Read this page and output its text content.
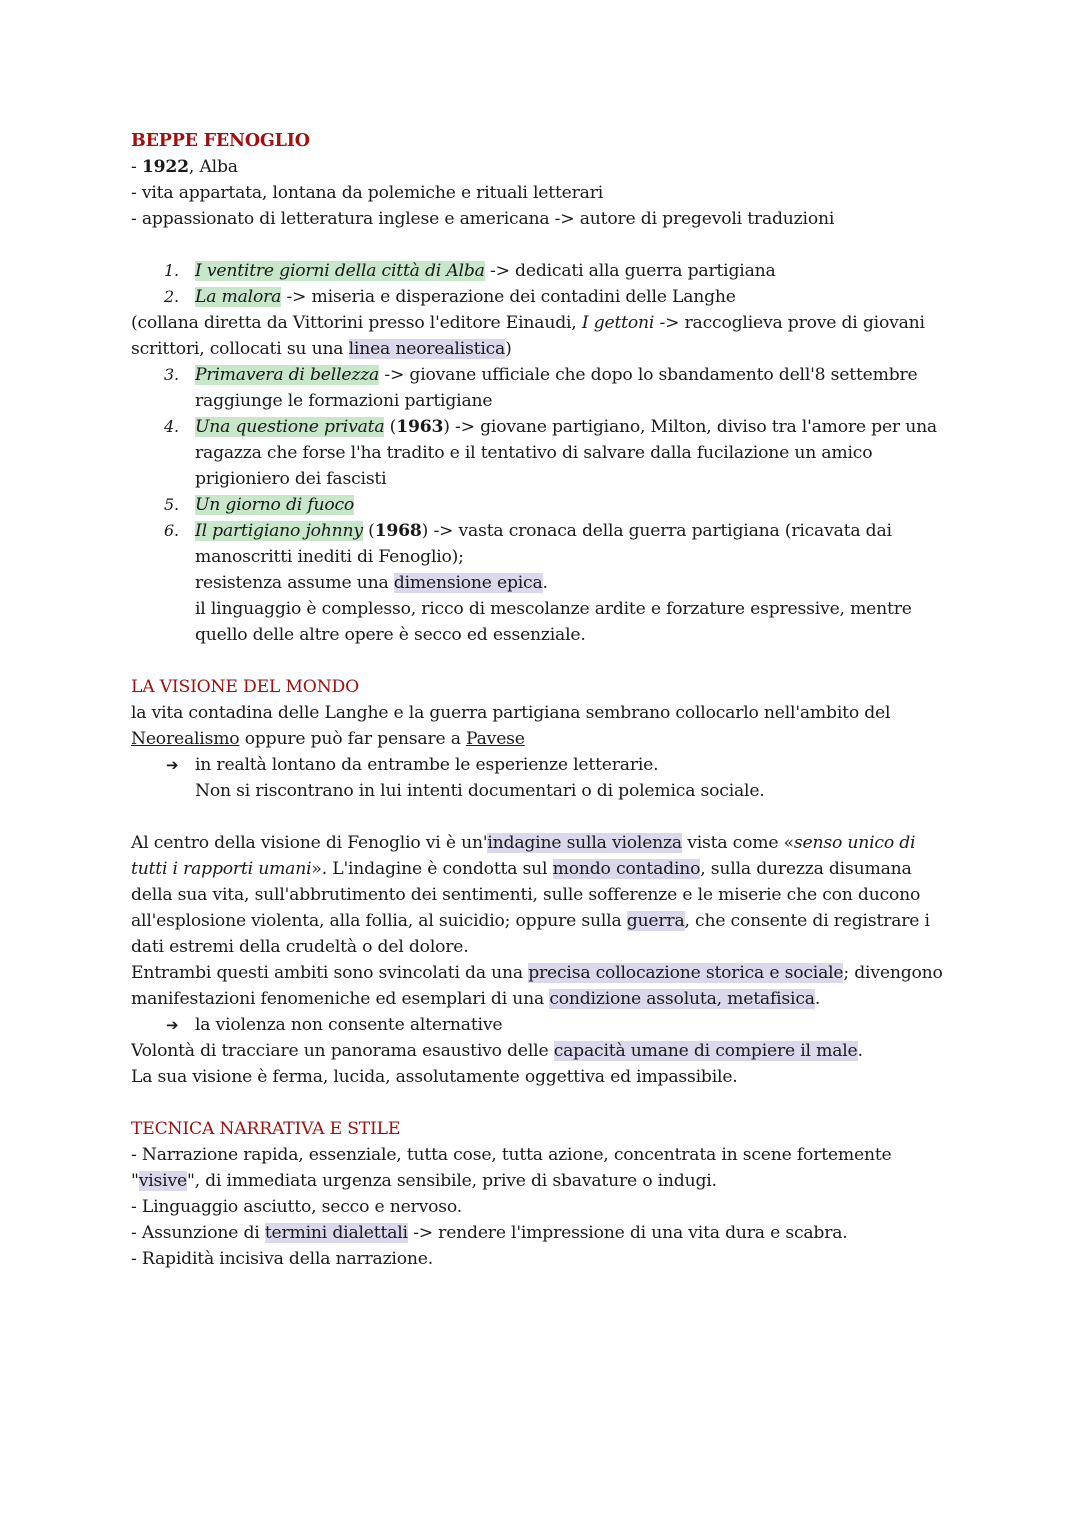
BEPPE FENOGLIO
- 1922, Alba
- vita appartata, lontana da polemiche e rituali letterari
- appassionato di letteratura inglese e americana -> autore di pregevoli traduzioni
1. I ventitre giorni della città di Alba -> dedicati alla guerra partigiana
2. La malora -> miseria e disperazione dei contadini delle Langhe
(collana diretta da Vittorini presso l'editore Einaudi, I gettoni -> raccoglieva prove di giovani scrittori, collocati su una linea neorealistica)
3. Primavera di bellezza -> giovane ufficiale che dopo lo sbandamento dell'8 settembre raggiunge le formazioni partigiane
4. Una questione privata (1963) -> giovane partigiano, Milton, diviso tra l'amore per una ragazza che forse l'ha tradito e il tentativo di salvare dalla fucilazione un amico prigioniero dei fascisti
5. Un giorno di fuoco
6. Il partigiano johnny (1968) -> vasta cronaca della guerra partigiana (ricavata dai manoscritti inediti di Fenoglio);
resistenza assume una dimensione epica.
il linguaggio è complesso, ricco di mescolanze ardite e forzature espressive, mentre quello delle altre opere è secco ed essenziale.
LA VISIONE DEL MONDO
la vita contadina delle Langhe e la guerra partigiana sembrano collocarlo nell'ambito del Neorealismo oppure può far pensare a Pavese
➔ in realtà lontano da entrambe le esperienze letterarie.
Non si riscontrano in lui intenti documentari o di polemica sociale.
Al centro della visione di Fenoglio vi è un'indagine sulla violenza vista come «senso unico di tutti i rapporti umani». L'indagine è condotta sul mondo contadino, sulla durezza disumana della sua vita, sull'abbrutimento dei sentimenti, sulle sofferenze e le miserie che con ducono all'esplosione violenta, alla follia, al suicidio; oppure sulla guerra, che consente di registrare i dati estremi della crudeltà o del dolore.
Entrambi questi ambiti sono svincolati da una precisa collocazione storica e sociale; divengono manifestazioni fenomeniche ed esemplari di una condizione assoluta, metafisica.
➔ la violenza non consente alternative
Volontà di tracciare un panorama esaustivo delle capacità umane di compiere il male.
La sua visione è ferma, lucida, assolutamente oggettiva ed impassibile.
TECNICA NARRATIVA E STILE
- Narrazione rapida, essenziale, tutta cose, tutta azione, concentrata in scene fortemente "visive", di immediata urgenza sensibile, prive di sbavature o indugi.
- Linguaggio asciutto, secco e nervoso.
- Assunzione di termini dialettali -> rendere l'impressione di una vita dura e scabra.
- Rapidità incisiva della narrazione.
